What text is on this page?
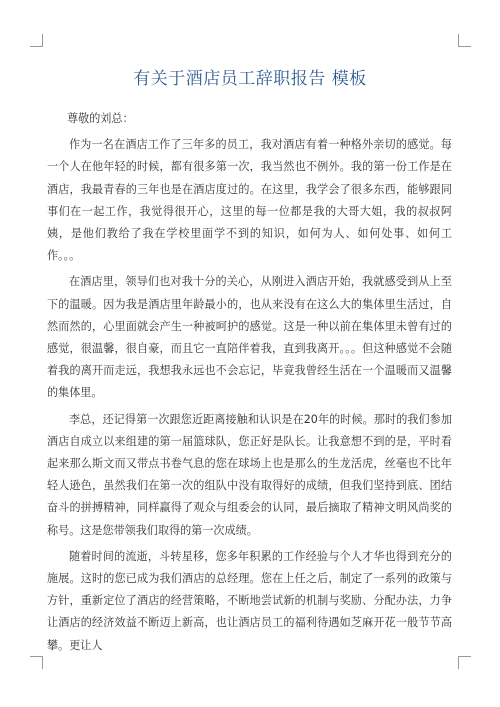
有关于酒店员工辞职报告 模板

尊敬的刘总：

作为一名在酒店工作了三年多的员工，我对酒店有着一种格外亲切的感觉。每一个人在他年轻的时候，都有很多第一次，我当然也不例外。我的第一份工作是在酒店，我最青春的三年也是在酒店度过的。在这里，我学会了很多东西，能够跟同事们在一起工作，我觉得很开心，这里的每一位都是我的大哥大姐，我的叔叔阿姨，是他们教给了我在学校里面学不到的知识，如何为人、如何处事、如何工作。。。

在酒店里，领导们也对我十分的关心，从刚进入酒店开始，我就感受到从上至下的温暖。因为我是酒店里年龄最小的，也从来没有在这么大的集体里生活过，自然而然的，心里面就会产生一种被呵护的感觉。这是一种以前在集体里未曾有过的感觉，很温馨，很自豪，而且它一直陪伴着我，直到我离开。。。但这种感觉不会随着我的离开而走远，我想我永远也不会忘记，毕竟我曾经生活在一个温暖而又温馨的集体里。

李总，还记得第一次跟您近距离接触和认识是在20年的时候。那时的我们参加酒店自成立以来组建的第一届篮球队，您正好是队长。让我意想不到的是，平时看起来那么斯文而又带点书卷气息的您在球场上也是那么的生龙活虎，丝毫也不比年轻人逊色，虽然我们在第一次的组队中没有取得好的成绩，但我们坚持到底、团结奋斗的拼搏精神，同样赢得了观众与组委会的认同，最后摘取了精神文明风尚奖的称号。这是您带领我们取得的第一次成绩。

随着时间的流逝，斗转星移，您多年积累的工作经验与个人才华也得到充分的施展。这时的您已成为我们酒店的总经理。您在上任之后，制定了一系列的政策与方针，重新定位了酒店的经营策略，不断地尝试新的机制与奖励、分配办法，力争让酒店的经济效益不断迈上新高，也让酒店员工的福利待遇如芝麻开花一般节节高攀。更让人
